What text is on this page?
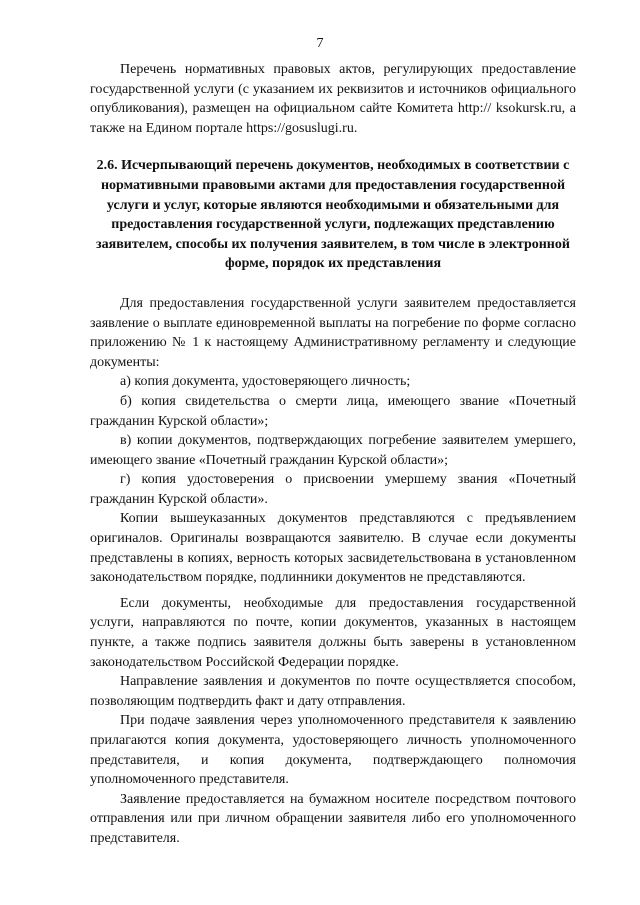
7

Перечень нормативных правовых актов, регулирующих предоставление государственной услуги (с указанием их реквизитов и источников официального опубликования), размещен на официальном сайте Комитета http:// ksokursk.ru, а также на Едином портале https://gosuslugi.ru.

2.6. Исчерпывающий перечень документов, необходимых в соответствии с нормативными правовыми актами для предоставления государственной услуги и услуг, которые являются необходимыми и обязательными для предоставления государственной услуги, подлежащих представлению заявителем, способы их получения заявителем, в том числе в электронной форме, порядок их представления

Для предоставления государственной услуги заявителем предоставляется заявление о выплате единовременной выплаты на погребение по форме согласно приложению № 1 к настоящему Административному регламенту и следующие документы:

а) копия документа, удостоверяющего личность;

б) копия свидетельства о смерти лица, имеющего звание «Почетный гражданин Курской области»;

в) копии документов, подтверждающих погребение заявителем умершего, имеющего звание «Почетный гражданин Курской области»;

г) копия удостоверения о присвоении умершему звания «Почетный гражданин Курской области».

Копии вышеуказанных документов представляются с предъявлением оригиналов. Оригиналы возвращаются заявителю. В случае если документы представлены в копиях, верность которых засвидетельствована в установленном законодательством порядке, подлинники документов не представляются.

Если документы, необходимые для предоставления государственной услуги, направляются по почте, копии документов, указанных в настоящем пункте, а также подпись заявителя должны быть заверены в установленном законодательством Российской Федерации порядке.

Направление заявления и документов по почте осуществляется способом, позволяющим подтвердить факт и дату отправления.

При подаче заявления через уполномоченного представителя к заявлению прилагаются копия документа, удостоверяющего личность уполномоченного представителя, и копия документа, подтверждающего полномочия уполномоченного представителя.

Заявление предоставляется на бумажном носителе посредством почтового отправления или при личном обращении заявителя либо его уполномоченного представителя.
